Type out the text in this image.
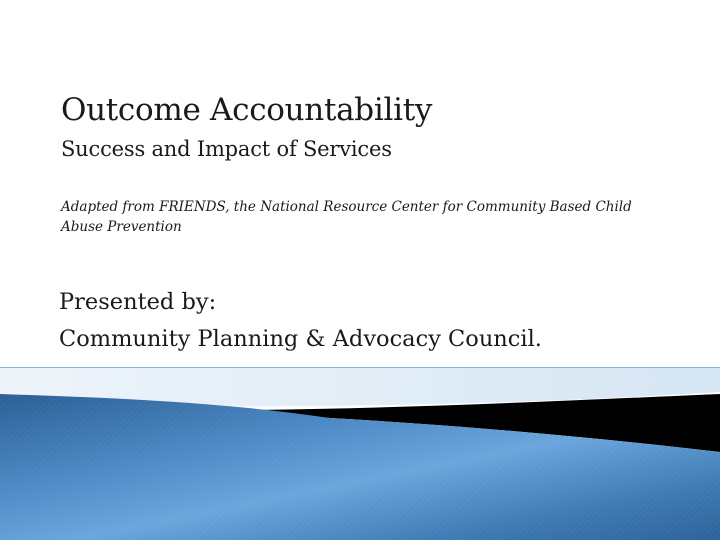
Outcome Accountability
Success and Impact of Services
Adapted from FRIENDS, the National Resource Center for Community Based Child Abuse Prevention
Presented by:
Community Planning & Advocacy Council.
